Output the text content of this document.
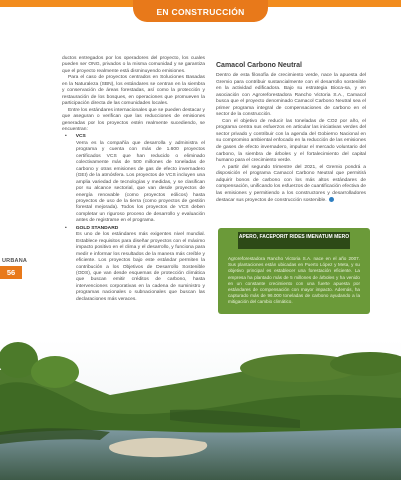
EN CONSTRUCCIÓN
URBANA
56

ductos entregados por los operadores del proyecto, los cuales pueden ser ONG, privados o la misma comunidad y se garantiza que el proyecto realmente está disminuyendo emisiones.

Para el caso de proyectos centrados en Soluciones Basadas en la Naturaleza (SBN), los estándares se centran en la siembra y conservación de áreas forestadas, así como la protección y restauración de los bosques, en operaciones que promueven la participación directa de las comunidades locales.

Entre los estándares internacionales que se pueden destacar y que aseguran o verifican que las reducciones de emisiones generadas por los proyectos estén realmente sucediendo, se encuentran:

• VCS

Verra es la compañía que desarrolla y administra el programa y cuenta con más de 1.600 proyectos certificados VCS que han reducido o eliminado colectivamente más de 500 millones de toneladas de carbono y otras emisiones de gas de efecto invernadero (GEI) de la atmósfera. Los proyectos de VCS incluyen una amplia variedad de tecnologías y medidas, y se clasifican por su alcance sectorial, que van desde proyectos de energía renovable (como proyectos eólicos) hasta proyectos de uso de la tierra (como proyectos de gestión forestal mejorada). Todos los proyectos de VCS deben completar un riguroso proceso de desarrollo y evaluación antes de registrarse en el programa.

• GOLD STANDARD

Es uno de los estándares más exigentes nivel mundial. Establece requisitos para diseñar proyectos con el máximo impacto positivo en el clima y el desarrollo, y funciona para medir e informar los resultados de la manera más creíble y eficiente. Los proyectos bajo este estándar permiten la contribución a los Objetivos de Desarrollo Sostenible (ODS), que van desde esquemas de protección climática que buscan emitir créditos de carbono, hasta intervenciones corporativas en la cadena de suministro y programas nacionales o subnacionales que buscan las declaraciones más veraces.

Camacol Carbono Neutral

Dentro de esta filosofía de crecimiento verde, nace la apuesta del Gremio para contribuir sustancialmente con el desarrollo sostenible en la actividad edificadora. Bajo su estrategia Bioca-sa, y en asociación con Agroreforestadora Rancho Victoria S.A., Camacol busca que el proyecto denominado Camacol Carbono Neutral sea el primer programa integral de compensaciones de carbono en el sector de la construcción.

Con el objetivo de reducir las toneladas de CO2 por año, el programa centra sus esfuerzos en articular las iniciativas verdes del sector privado y contribuir con la agenda del Gobierno Nacional en su compromiso ambiental enfocado en la reducción de las emisiones de gases de efecto invernadero, impulsar el mercado voluntario del carbono, la siembra de árboles y el fortalecimiento del capital humano para el crecimiento verde.

A partir del segundo trimestre del 2021, el Gremio pondrá a disposición el programa Camacol Carbono Neutral que permitirá adquirir bonos de carbono con los más altos estándares de compensación, unificando los esfuerzos de cuantificación efectiva de las emisiones y permitiendo a los constructores y desarrolladores destacar sus proyectos de construcción sostenible.

APERO, FACEPORIT RIDES IMENATUM MERO
Agroreforestadora Rancho Victoria S.A. nace en el año 2007. Sus plantaciones están ubicadas en Puerto López y Meta, y su objetivo principal es establecer una forestación eficiente. La empresa ha plantado más de 5 millones de árboles y ha venido en un constante crecimiento con una fuerte apuesta por estándares de compensación con mayor impacto. Además, ha capturado más de 96.000 toneladas de carbono ayudando a la mitigación del cambio climático.
